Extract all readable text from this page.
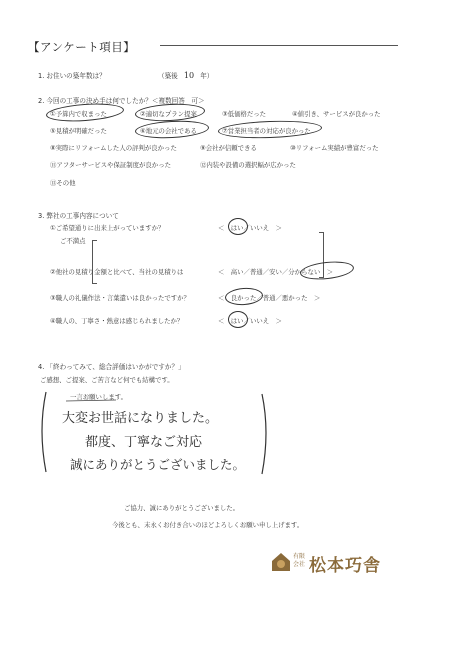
【アンケート項目】
1. お住いの築年数は？	（築後 10 年）
2. 今回の工事の決め手は何でしたか？＜複数回答　可＞
①予算内で収まった	②適切なプラン提案	③低価格だった	④値引き、サービスが良かった
⑤見積が明確だった	⑥地元の会社である	⑦営業担当者の対応が良かった
⑧実際にリフォームした人の評判が良かった	⑨会社が信頼できる	⑩リフォーム実績が豊富だった
⑪アフターサービスや保証制度が良かった	⑫内装や設備の選択幅が広かった
⑬その他
3. 弊社の工事内容について
①ご希望通りに出来上がっていますか？	＜　はい／いいえ　＞
ご不満点
②他社の見積り金額と比べて、当社の見積りは	＜　高い／普通／安い／分からない　＞
③職人の礼儀作法・言葉遣いは良かったですか？	＜　良かった／普通／悪かった　＞
④職人の、丁寧さ・熱意は感じられましたか？	＜　はい／いいえ　＞
4. 「終わってみて、総合評価はいかがですか？」
ご感想、ご提案、ご苦言など何でも結構です。
一言お願いします。
大変お世話になりました。
都度、丁寧なご対応
誠にありがとうございました。
ご協力、誠にありがとうございました。
今後とも、末永くお付き合いのほどよろしくお願い申し上げます。
有限会社 松本巧舎
